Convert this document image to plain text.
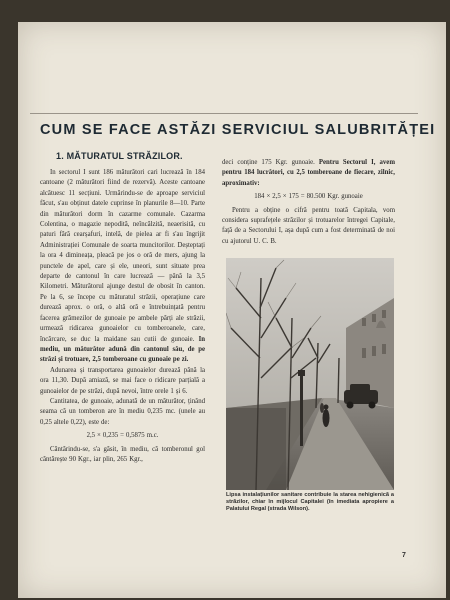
CUM SE FACE ASTĂZI SERVICIUL SALUBRITĂȚEI
1. MĂTURATUL STRĂZILOR.

In sectorul I sunt 186 măturători cari lucrează în 184 cantoane (2 măturători fiind de rezervă). Aceste cantoane alcătuesc 11 secțiuni. Urmărindu-se de aproape serviciul făcut, s'au obținut datele cuprinse în planurile 8—10. Parte din măturători dorm în cazarme comunale. Cazarma Colentina, o magazie nepodită, neîncălzită, neaerisită, cu paturi fără cearșafuri, intelă, de pielea ar fi s'au îngrijit Administrației Comunale de soarta muncitorilor. Deșteptați la ora 4 dimineața, pleacă pe jos o oră de mers, ajung la punctele de apel, care și ele, uneori, sunt situate prea departe de cantonul în care lucrează — până la 3,5 Kilometri. Măturătorul ajunge destul de obosit în canton. Pe la 6, se începe cu măturatul străzii, operațiune care durează aprox. o oră, o altă oră e întrebuințată pentru facerea grămezilor de gunoaie pe ambele părți ale străzii, urmează ridicarea gunoaielor cu tomberoanele, care, încărcare, se duc la maidane sau cutii de gunoaie. In mediu, un măturător adună din cantonul său, de pe străzi și trotuare, 2,5 tomberoane cu gunoaie pe zi.

Adunarea și transportarea gunoaielor durează până la ora 11,30. După amiază, se mai face o ridicare parțială a gunoaielor de pe străzi, după nevoi, între orele 1 și 6.

Cantitatea, de gunoaie, adunată de un măturător, ținând seama că un tomberon are în mediu 0,235 mc. (unele au 0,25 altele 0,22), este de:

2,5 × 0,235 = 0,5875 m.c.

Cântărindu-se, s'a găsit, în mediu, că tomberonul gol cântărește 90 Kgr., iar plin, 265 Kgr.,

deci conține 175 Kgr. gunoaie. Pentru Sectorul I, avem pentru 184 lucrători, cu 2,5 tomberoane de fiecare, zilnic, aproximativ:

184 × 2,5 × 175 = 80.500 Kgr. gunoaie

Pentru a obține o cifră pentru toată Capitala, vom considera suprafețele străzilor și trotuarelor întregei Capitale, față de a Sectorului I, așa după cum a fost determinată de noi cu ajutorul U. C. B.

Lipsa instalațiunilor sanitare contribuie la starea nehigienică a străzilor, chiar în mijlocul Capitalei (în imediata apropiere a Palatului Regal (strada Wilson).
7
